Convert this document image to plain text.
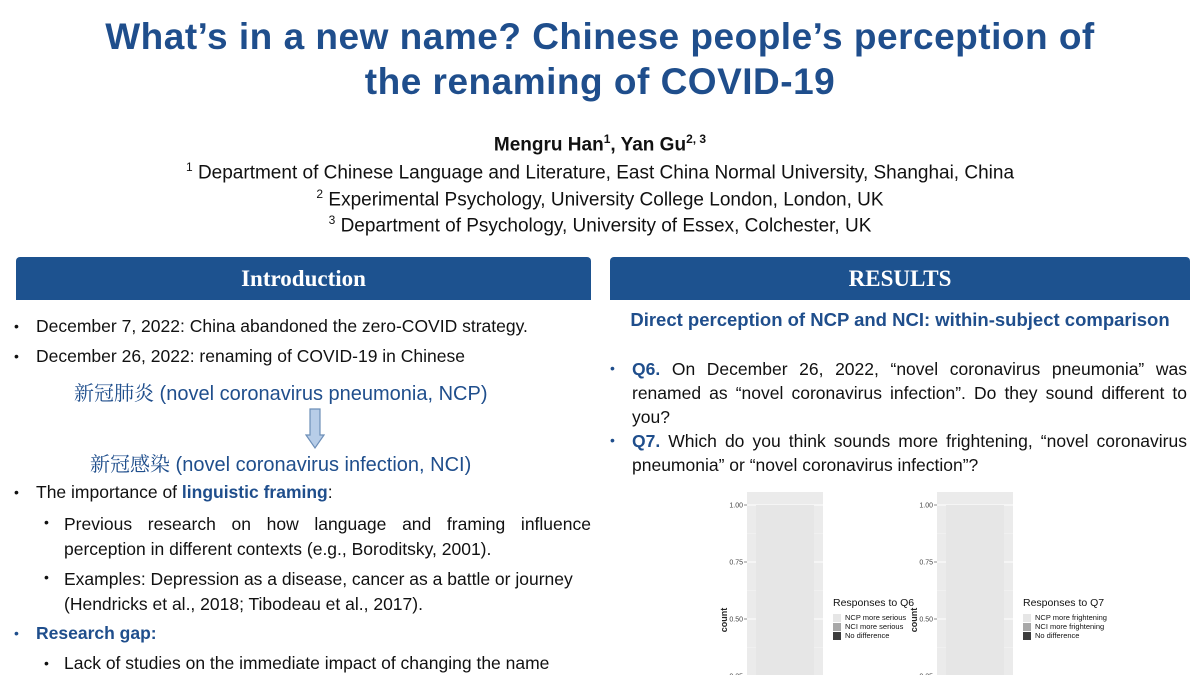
What’s in a new name? Chinese people’s perception of
the renaming of COVID-19
Mengru Han$^1$, Yan Gu$^{2, 3}$
$^1$ Department of Chinese Language and Literature, East China Normal University, Shanghai, China
$^2$ Experimental Psychology, University College London, London, UK
$^3$ Department of Psychology, University of Essex, Colchester, UK
Introduction	RESULTS
• December 7, 2022: China abandoned the zero-COVID strategy.
• December 26, 2022: renaming of COVID-19 in Chinese
新冠肺炎 (novel coronavirus pneumonia, NCP)
新冠感染 (novel coronavirus infection, NCI)
• The importance of linguistic framing:
• Previous research on how language and framing influence perception in different contexts (e.g., Boroditsky, 2001).
• Examples: Depression as a disease, cancer as a battle or journey (Hendricks et al., 2018; Tibodeau et al., 2017).
• Research gap:
• Lack of studies on the immediate impact of changing the name
Direct perception of NCP and NCI: within-subject comparison
• Q6. On December 26, 2022, “novel coronavirus pneumonia” was renamed as “novel coronavirus infection”. Do they sound different to you?
• Q7. Which do you think sounds more frightening, “novel coronavirus pneumonia” or “novel coronavirus infection”?
1.00
0.75
0.50
count
Responses to Q6
NCP more serious
NCI more serious
No difference
1.00
0.75
0.50
count
Responses to Q7
NCP more frightening
NCI more frightening
No difference
